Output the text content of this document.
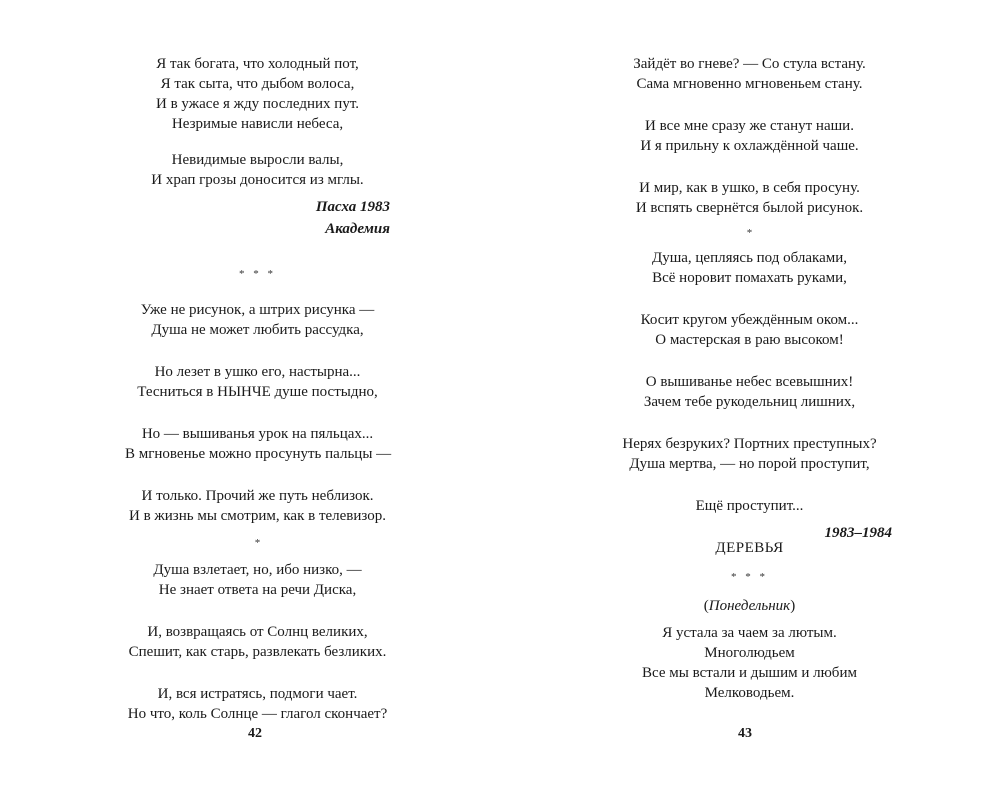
Я так богата, что холодный пот,
Я так сыта, что дыбом волоса,
И в ужасе я жду последних пут.
Незримые нависли небеса,
Невидимые выросли валы,
И храп грозы доносится из мглы.
Пасха 1983
Академия
* * *
Уже не рисунок, а штрих рисунка —
Душа не может любить рассудка,
Но лезет в ушко его, настырна...
Тесниться в НЫНЧЕ душе постыдно,
Но — вышиванья урок на пяльцах...
В мгновенье можно просунуть пальцы —
И только. Прочий же путь неблизок.
И в жизнь мы смотрим, как в телевизор.
*
Душа взлетает, но, ибо низко, —
Не знает ответа на речи Диска,
И, возвращаясь от Солнц великих,
Спешит, как старь, развлекать безликих.
И, вся истратясь, подмоги чает.
Но что, коль Солнце — глагол скончает?
42
Зайдёт во гневе? — Со стула встану.
Сама мгновенно мгновеньем стану.
И все мне сразу же станут наши.
И я прильну к охлаждённой чаше.
И мир, как в ушко, в себя просуну.
И вспять свернётся былой рисунок.
*
Душа, цепляясь под облаками,
Всё норовит помахать руками,
Косит кругом убеждённым оком...
О мастерская в раю высоком!
О вышиванье небес всевышних!
Зачем тебе рукодельниц лишних,
Неряx безруких? Портних преступных?
Душа мертва, — но порой проступит,
Ещё проступит...
1983–1984
ДЕРЕВЬЯ
* * *
(Понедельник)
Я устала за чаем за лютым.
Многолюдьем
Все мы встали и дышим и любим
Мелководьем.
43
